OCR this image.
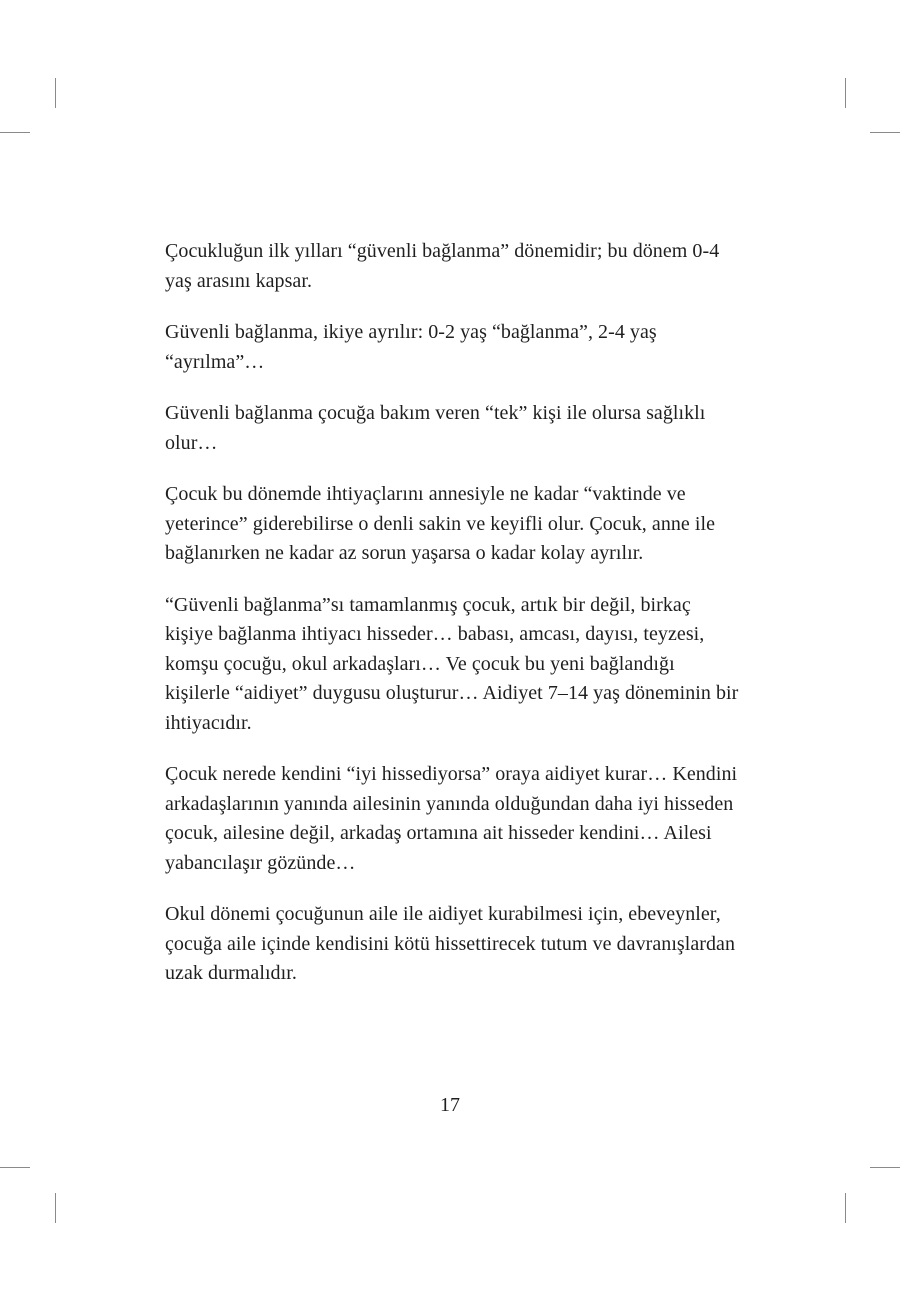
Çocukluğun ilk yılları “güvenli bağlanma” dönemidir; bu dönem 0-4 yaş arasını kapsar.

Güvenli bağlanma, ikiye ayrılır: 0-2 yaş “bağlanma”, 2-4 yaş “ayrılma”…

Güvenli bağlanma çocuğa bakım veren “tek” kişi ile olursa sağlıklı olur…

Çocuk bu dönemde ihtiyaçlarını annesiyle ne kadar “vaktinde ve yeterince” giderebilirse o denli sakin ve keyifli olur. Çocuk, anne ile bağlanırken ne kadar az sorun yaşarsa o kadar kolay ayrılır.

“Güvenli bağlanma”sı tamamlanmış çocuk, artık bir değil, birkaç kişiye bağlanma ihtiyacı hisseder… babası, amcası, dayısı, teyzesi, komşu çocuğu, okul arkadaşları… Ve çocuk bu yeni bağlandığı kişilerle “aidiyet” duygusu oluşturur… Aidiyet 7–14 yaş döneminin bir ihtiyacıdır.

Çocuk nerede kendini “iyi hissediyorsa” oraya aidiyet kurar… Kendini arkadaşlarının yanında ailesinin yanında olduğundan daha iyi hisseden çocuk, ailesine değil, arkadaş ortamına ait hisseder kendini… Ailesi yabancılaşır gözünde…

Okul dönemi çocuğunun aile ile aidiyet kurabilmesi için, ebeveynler, çocuğa aile içinde kendisini kötü hissettirecek tutum ve davranışlardan uzak durmalıdır.

17
